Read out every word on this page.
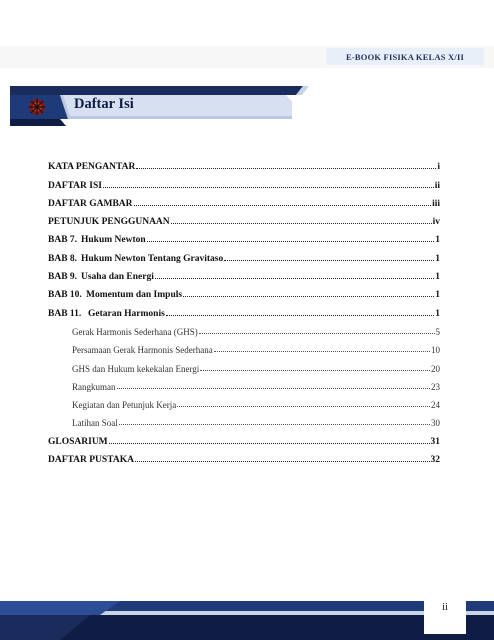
E-BOOK FISIKA KELAS X/II
Daftar Isi
KATA PENGANTAR	i
DAFTAR ISI	ii
DAFTAR GAMBAR	iii
PETUNJUK PENGGUNAAN	iv
BAB 7. Hukum Newton	1
BAB 8. Hukum Newton Tentang Gravitaso	1
BAB 9. Usaha dan Energi	1
BAB 10. Momentum dan Impuls	1
BAB 11. Getaran Harmonis	1
Gerak Harmonis Sederhana (GHS)	5
Persamaan Gerak Harmonis Sederhana	10
GHS dan Hukum kekekalan Energi	20
Rangkuman	23
Kegiatan dan Petunjuk Kerja	24
Latihan Soal	30
GLOSARIUM	31
DAFTAR PUSTAKA	32
ii
